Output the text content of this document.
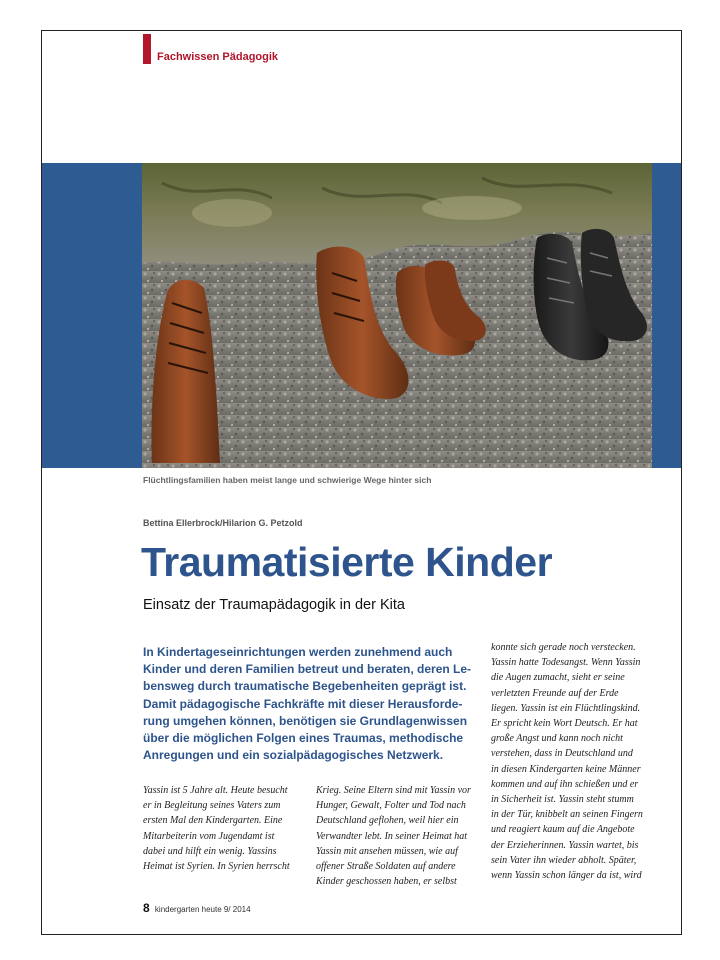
Fachwissen Pädagogik
Flüchtlingsfamilien haben meist lange und schwierige Wege hinter sich
Bettina Ellerbrock/Hilarion G. Petzold
Traumatisierte Kinder
Einsatz der Traumapädagogik in der Kita
In Kindertageseinrichtungen werden zunehmend auch
Kinder und deren Familien betreut und beraten, deren Le-
bensweg durch traumatische Begebenheiten geprägt ist.
Damit pädagogische Fachkräfte mit dieser Herausforde-
rung umgehen können, benötigen sie Grundlagenwissen
über die möglichen Folgen eines Traumas, methodische
Anregungen und ein sozialpädagogisches Netzwerk.
Yassin ist 5 Jahre alt. Heute besucht
er in Begleitung seines Vaters zum
ersten Mal den Kindergarten. Eine
Mitarbeiterin vom Jugendamt ist
dabei und hilft ein wenig. Yassins
Heimat ist Syrien. In Syrien herrscht
Krieg. Seine Eltern sind mit Yassin vor
Hunger, Gewalt, Folter und Tod nach
Deutschland geflohen, weil hier ein
Verwandter lebt. In seiner Heimat hat
Yassin mit ansehen müssen, wie auf
offener Straße Soldaten auf andere
Kinder geschossen haben, er selbst
konnte sich gerade noch verstecken.
Yassin hatte Todesangst. Wenn Yassin
die Augen zumacht, sieht er seine
verletzten Freunde auf der Erde
liegen. Yassin ist ein Flüchtlingskind.
Er spricht kein Wort Deutsch. Er hat
große Angst und kann noch nicht
verstehen, dass in Deutschland und
in diesen Kindergarten keine Männer
kommen und auf ihn schießen und er
in Sicherheit ist. Yassin steht stumm
in der Tür, knibbelt an seinen Fingern
und reagiert kaum auf die Angebote
der Erzieherinnen. Yassin wartet, bis
sein Vater ihn wieder abholt. Später,
wenn Yassin schon länger da ist, wird
8 kindergarten heute 9/ 2014
